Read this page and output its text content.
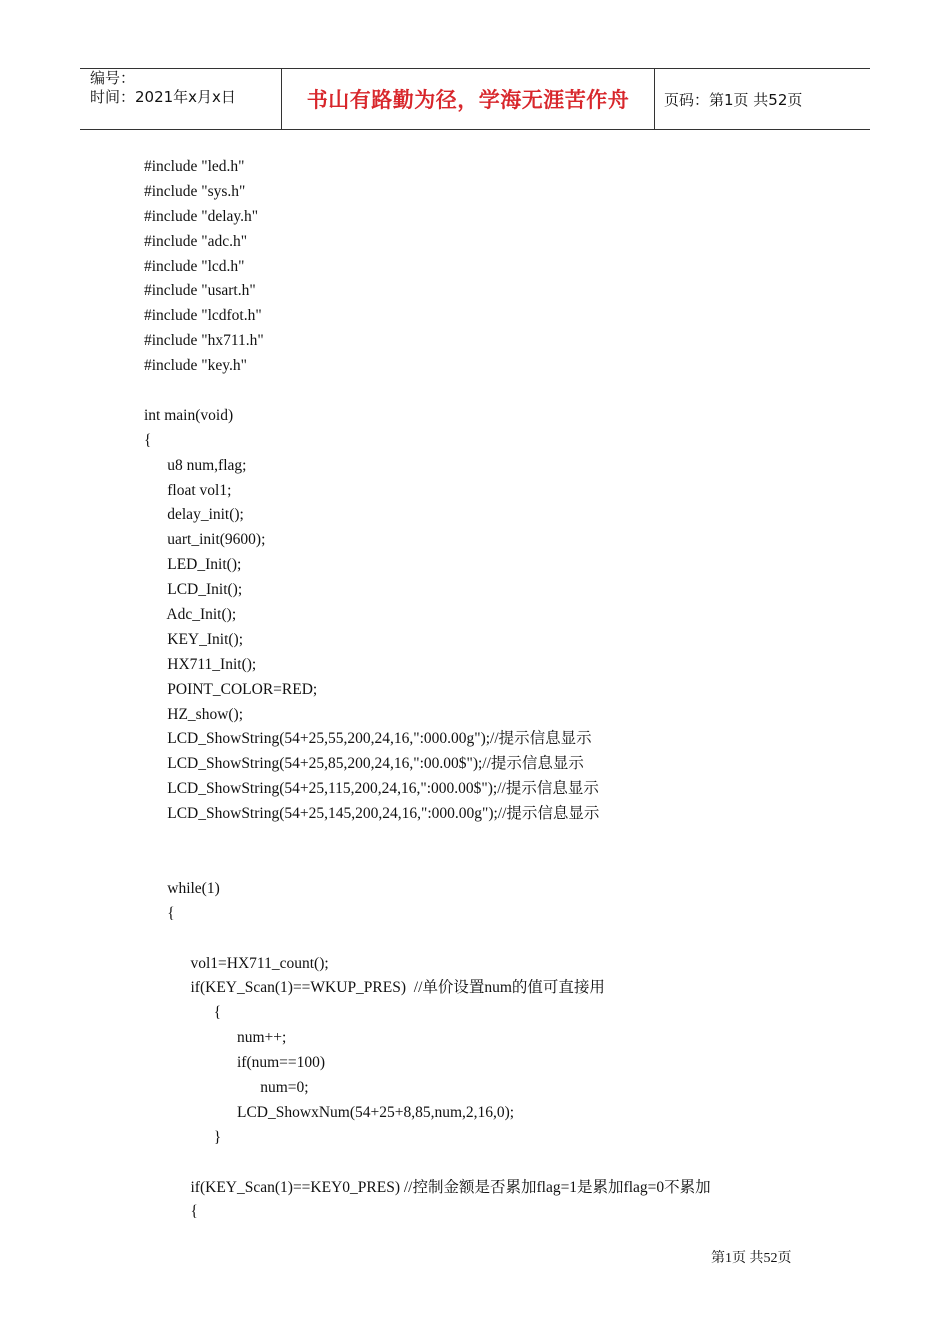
编号：
时间：2021年x月x日	书山有路勤为径，学海无涯苦作舟 页码：第1页 共52页
#include "led.h"
#include "sys.h"
#include "delay.h"
#include "adc.h"
#include "lcd.h"
#include "usart.h"
#include "lcdfot.h"
#include "hx711.h"
#include "key.h"
int main(void)
{
u8 num,flag;
float vol1;
delay_init();
uart_init(9600);
LED_Init();
LCD_Init();
Adc_Init();
KEY_Init();
HX711_Init();
POINT_COLOR=RED;
HZ_show();
LCD_ShowString(54+25,55,200,24,16,":000.00g");//提示信息显示
LCD_ShowString(54+25,85,200,24,16,":00.00$");//提示信息显示
LCD_ShowString(54+25,115,200,24,16,":000.00$");//提示信息显示
LCD_ShowString(54+25,145,200,24,16,":000.00g");//提示信息显示
while(1)
{
vol1=HX711_count();
if(KEY_Scan(1)==WKUP_PRES)  //单价设置num的值可直接用
{
num++;
if(num==100)
num=0;
LCD_ShowxNum(54+25+8,85,num,2,16,0);
}
if(KEY_Scan(1)==KEY0_PRES) //控制金额是否累加flag=1是累加flag=0不累加
{
第1页 共52页
